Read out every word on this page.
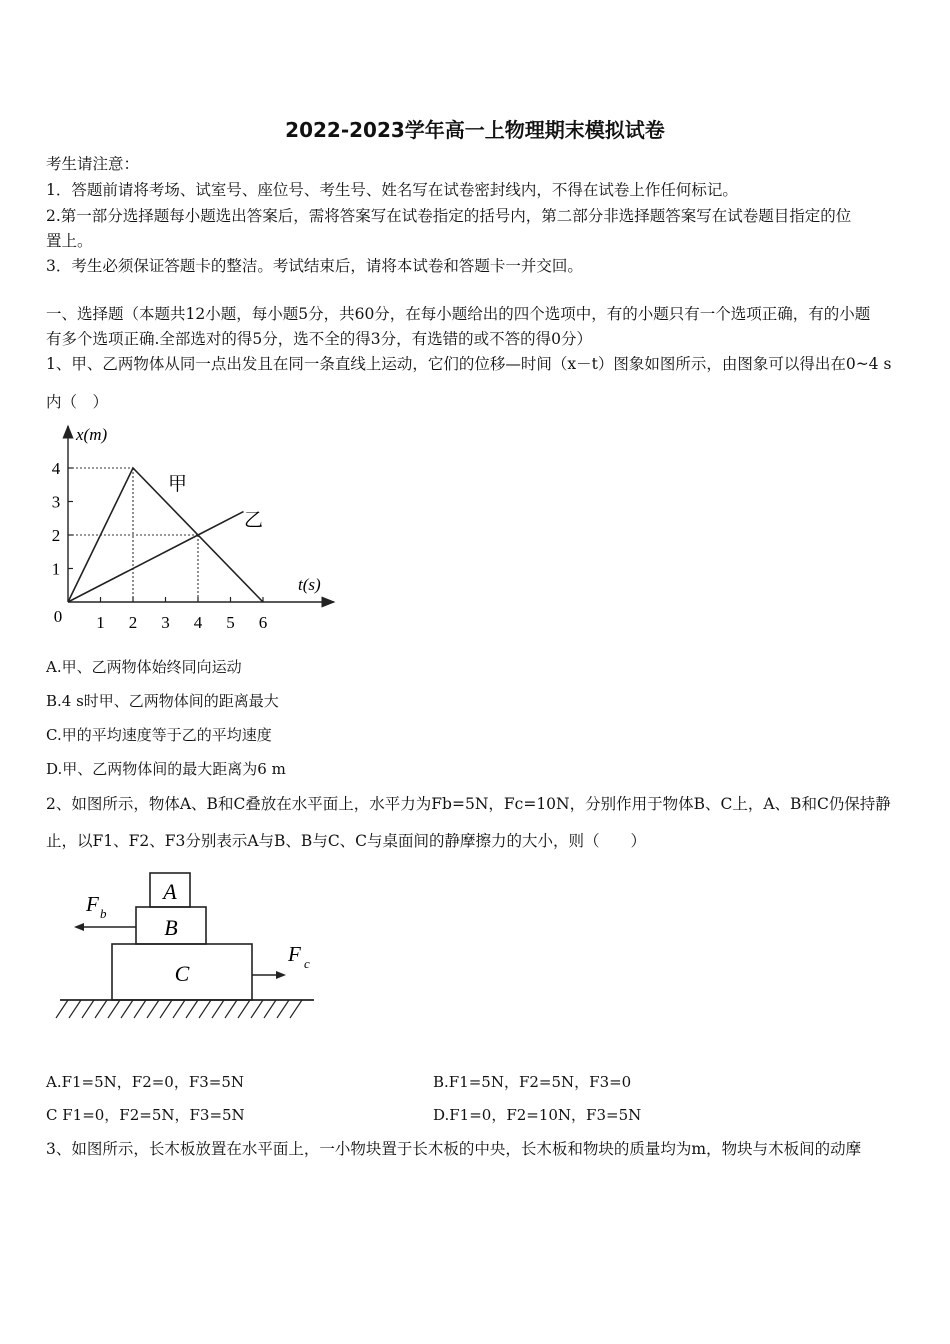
2022-2023学年高一上物理期末模拟试卷
考生请注意：
1．答题前请将考场、试室号、座位号、考生号、姓名写在试卷密封线内，不得在试卷上作任何标记。
2.第一部分选择题每小题选出答案后，需将答案写在试卷指定的括号内，第二部分非选择题答案写在试卷题目指定的位
置上。
3．考生必须保证答题卡的整洁。考试结束后，请将本试卷和答题卡一并交回。
一、选择题（本题共12小题，每小题5分，共60分，在每小题给出的四个选项中，有的小题只有一个选项正确，有的小题
有多个选项正确.全部选对的得5分，选不全的得3分，有选错的或不答的得0分）
1、甲、乙两物体从同一点出发且在同一条直线上运动，它们的位移—时间（x－t）图象如图所示，由图象可以得出在0~4 s
内（　）
0 1 2 3 4 5 6
1
2
3
4
x(m)
t(s)
甲
乙
A.甲、乙两物体始终同向运动
B.4 s时甲、乙两物体间的距离最大
C.甲的平均速度等于乙的平均速度
D.甲、乙两物体间的最大距离为6 m
2、如图所示，物体A、B和C叠放在水平面上，水平力为Fb=5N，Fc=10N，分别作用于物体B、C上，A、B和C仍保持静
止，以F1、F2、F3分别表示A与B、B与C、C与桌面间的静摩擦力的大小，则（　　）
A
B
C
F b
F c
A.F1=5N，F2=0，F3=5N	B.F1=5N，F2=5N，F3=0
C F1=0，F2=5N，F3=5N	D.F1=0，F2=10N，F3=5N
3、如图所示，长木板放置在水平面上，一小物块置于长木板的中央，长木板和物块的质量均为m，物块与木板间的动摩
